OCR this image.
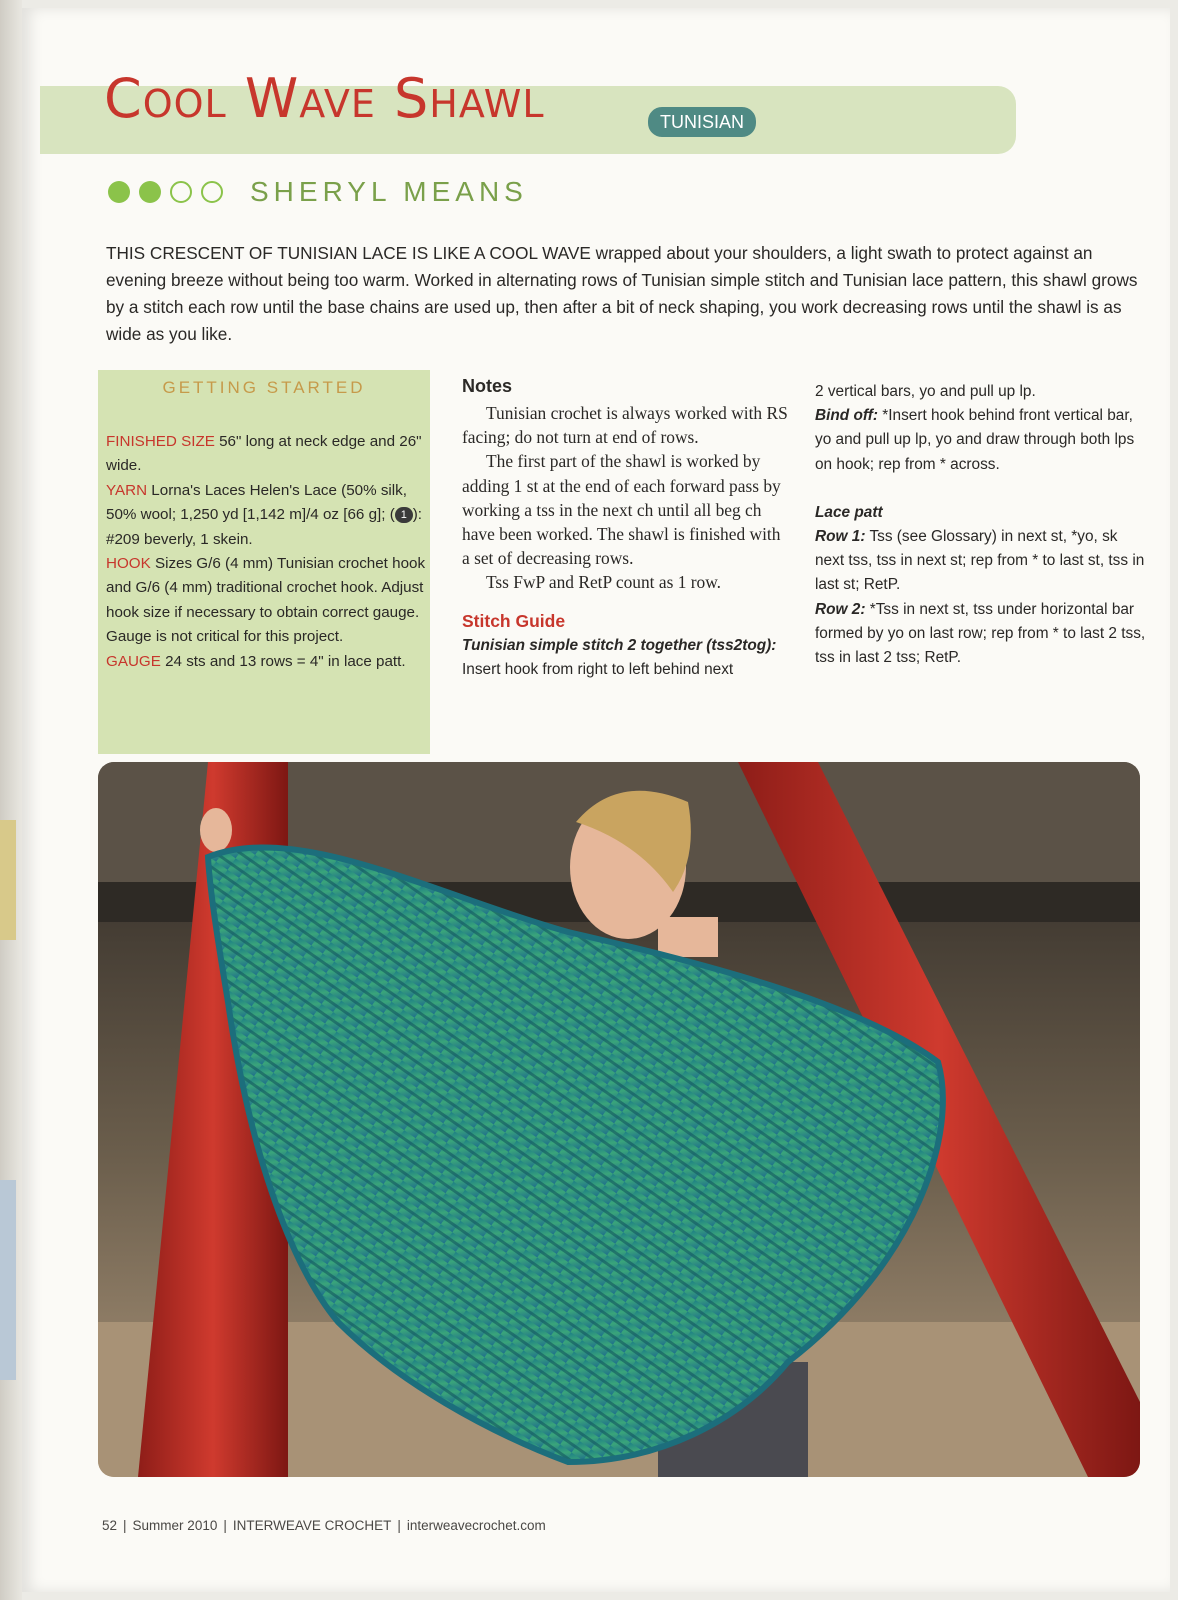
Cool Wave Shawl	TUNISIAN
SHERYL MEANS

THIS CRESCENT OF TUNISIAN LACE IS LIKE A COOL WAVE wrapped about your shoulders, a light swath to protect against an evening breeze without being too warm. Worked in alternating rows of Tunisian simple stitch and Tunisian lace pattern, this shawl grows by a stitch each row until the base chains are used up, then after a bit of neck shaping, you work decreasing rows until the shawl is as wide as you like.

GETTING STARTED

FINISHED SIZE 56" long at neck edge and 26" wide.
YARN Lorna's Laces Helen's Lace (50% silk, 50% wool; 1,250 yd [1,142 m]/4 oz [66 g]; ( 1 ): #209 beverly, 1 skein.
HOOK Sizes G/6 (4 mm) Tunisian crochet hook and G/6 (4 mm) traditional crochet hook. Adjust hook size if necessary to obtain correct gauge. Gauge is not critical for this project.
GAUGE 24 sts and 13 rows = 4" in lace patt.

Notes

Tunisian crochet is always worked with RS facing; do not turn at end of rows.

The first part of the shawl is worked by adding 1 st at the end of each forward pass by working a tss in the next ch until all beg ch have been worked. The shawl is finished with a set of decreasing rows.

Tss FwP and RetP count as 1 row.

Stitch Guide

Tunisian simple stitch 2 together (tss2tog): Insert hook from right to left behind next

2 vertical bars, yo and pull up lp.

Bind off: *Insert hook behind front vertical bar, yo and pull up lp, yo and draw through both lps on hook; rep from * across.

Lace patt

Row 1: Tss (see Glossary) in next st, *yo, sk next tss, tss in next st; rep from * to last st, tss in last st; RetP.

Row 2: *Tss in next st, tss under horizontal bar formed by yo on last row; rep from * to last 2 tss, tss in last 2 tss; RetP.

52 | Summer 2010 | INTERWEAVE CROCHET | interweavecrochet.com
